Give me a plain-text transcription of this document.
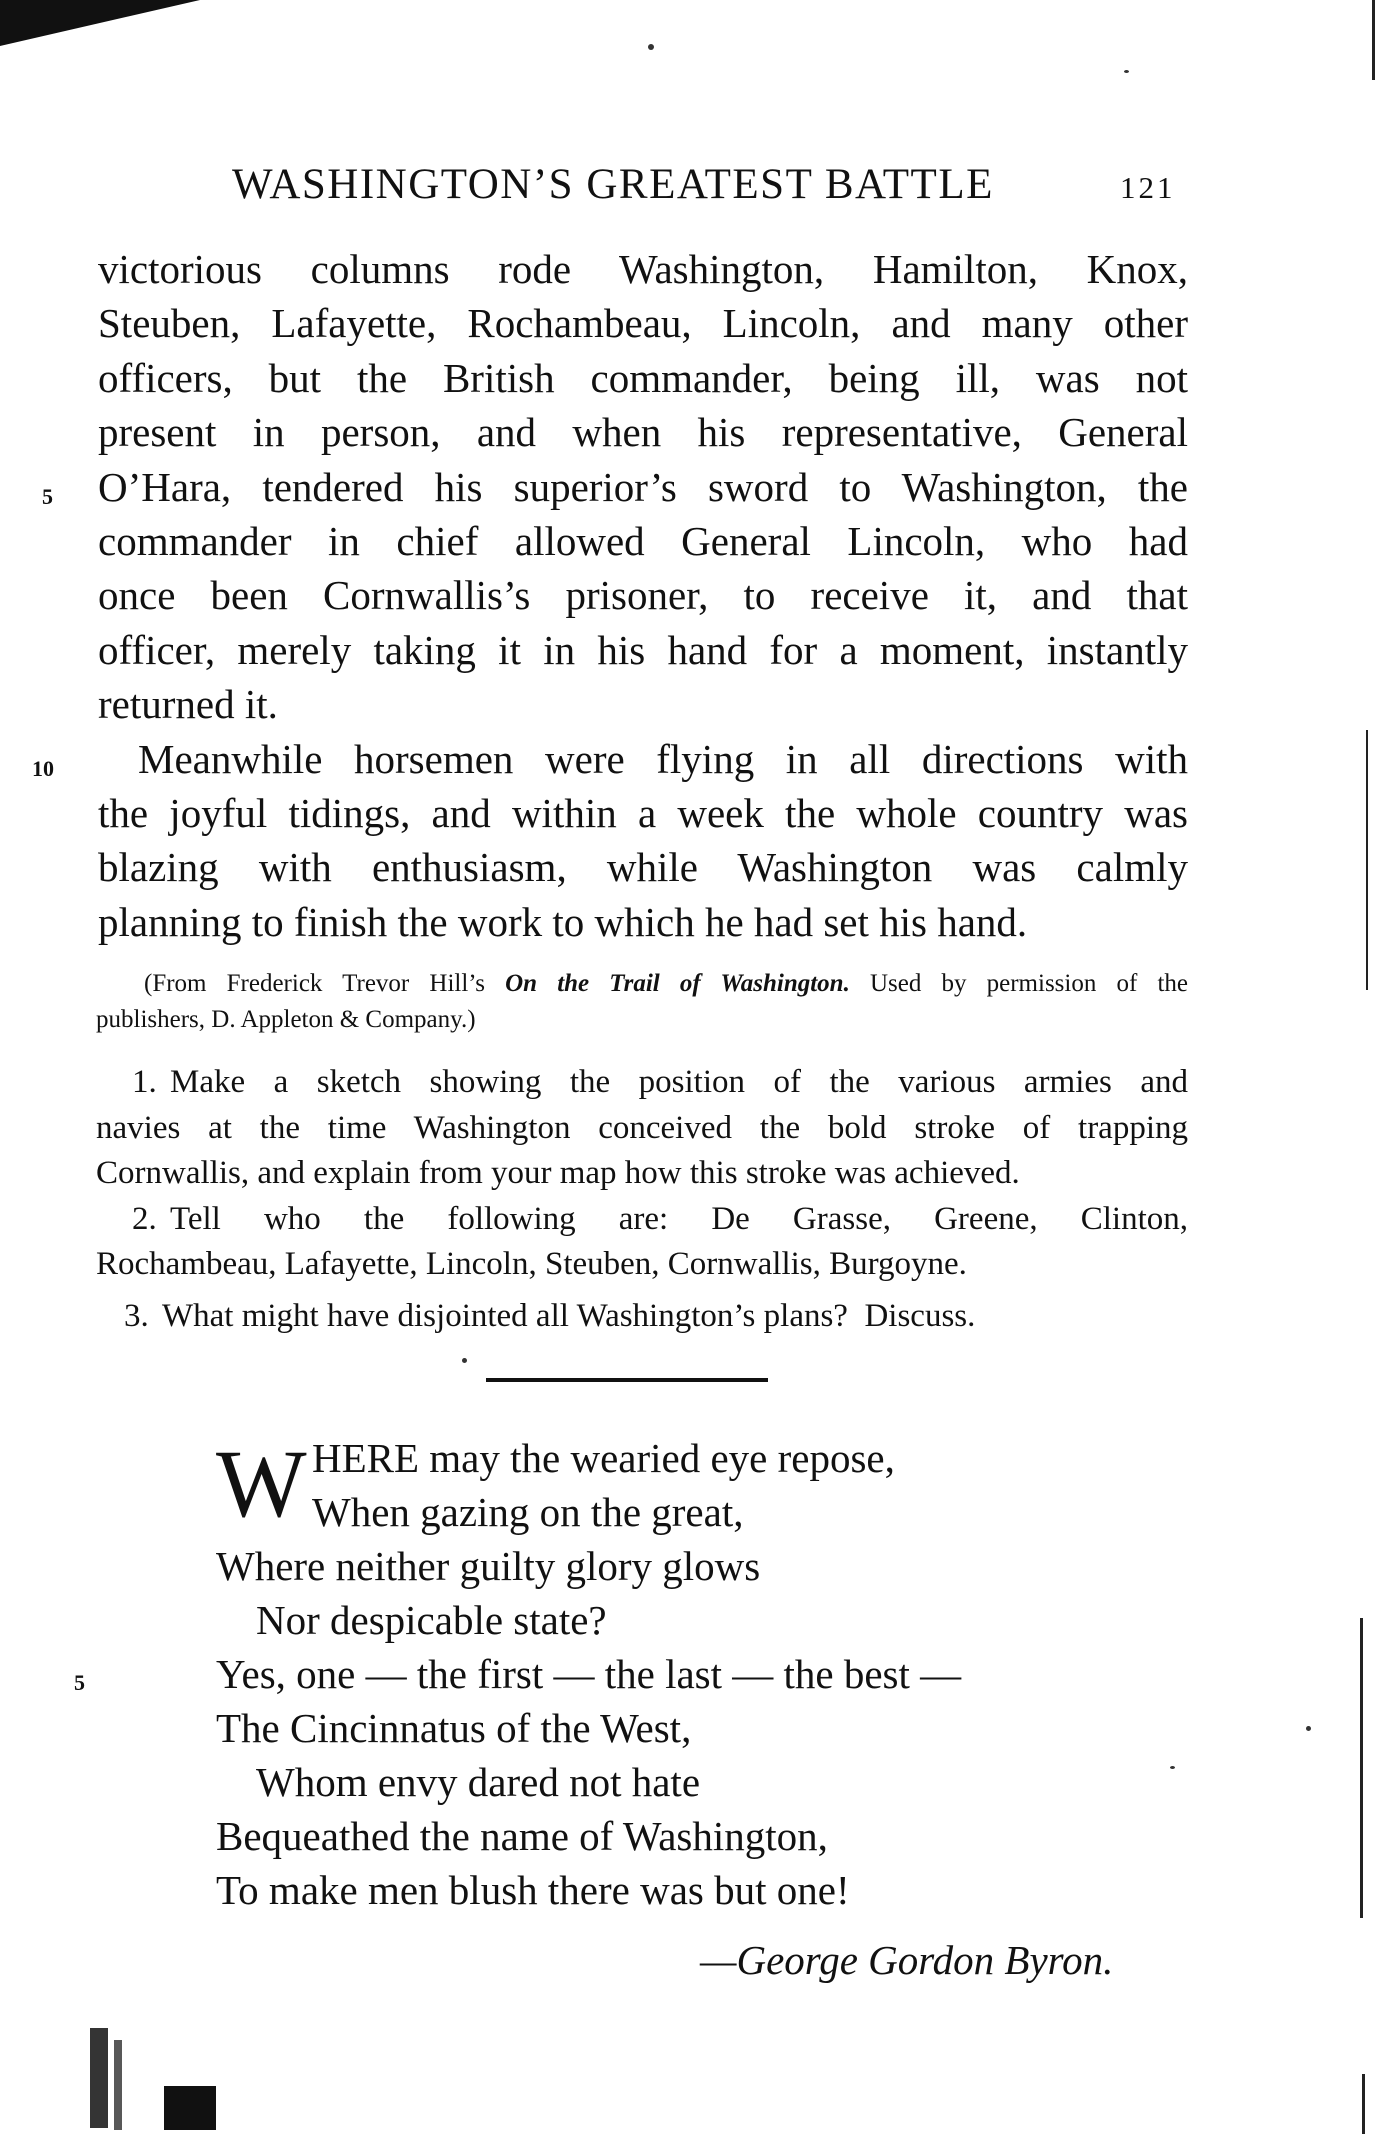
WASHINGTON’S GREATEST BATTLE	121
victorious columns rode Washington, Hamilton, Knox,
Steuben, Lafayette, Rochambeau, Lincoln, and many other
officers, but the British commander, being ill, was not
present in person, and when his representative, General
5 O’Hara, tendered his superior’s sword to Washington, the
commander in chief allowed General Lincoln, who had
once been Cornwallis’s prisoner, to receive it, and that
officer, merely taking it in his hand for a moment, instantly
returned it.
10	Meanwhile horsemen were flying in all directions with
the joyful tidings, and within a week the whole country was
blazing with enthusiasm, while Washington was calmly
planning to finish the work to which he had set his hand.
(From Frederick Trevor Hill’s On the Trail of Washington. Used by permission of the
publishers, D. Appleton & Company.)
1. Make a sketch showing the position of the various armies and
navies at the time Washington conceived the bold stroke of trapping
Cornwallis, and explain from your map how this stroke was achieved.
2. Tell who the following are: De Grasse, Greene, Clinton,
Rochambeau, Lafayette, Lincoln, Steuben, Cornwallis, Burgoyne.
3. What might have disjointed all Washington’s plans? Discuss.
W HERE may the wearied eye repose,
When gazing on the great,
Where neither guilty glory glows
Nor despicable state?
5	Yes, one — the first — the last — the best —
The Cincinnatus of the West,
Whom envy dared not hate
Bequeathed the name of Washington,
To make men blush there was but one!
—George Gordon Byron.
